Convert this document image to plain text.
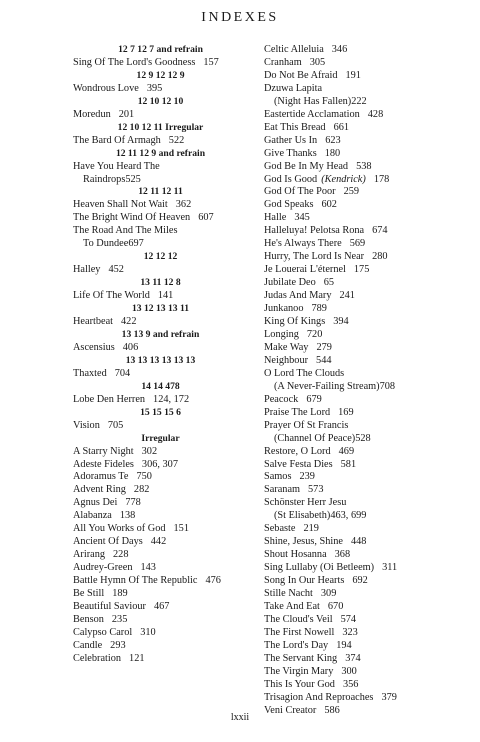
INDEXES
12 7 12 7 and refrain
Sing Of The Lord's Goodness 157
12 9 12 12 9
Wondrous Love 395
12 10 12 10
Moredun 201
12 10 12 11 Irregular
The Bard Of Armagh 522
12 11 12 9 and refrain
Have You Heard The
Raindrops525
12 11 12 11
Heaven Shall Not Wait 362
The Bright Wind Of Heaven 607
The Road And The Miles
To Dundee697
12 12 12
Halley 452
13 11 12 8
Life Of The World 141
13 12 13 13 11
Heartbeat 422
13 13 9 and refrain
Ascensius 406
13 13 13 13 13 13
Thaxted 704
14 14 478
Lobe Den Herren 124, 172
15 15 15 6
Vision 705
Irregular
A Starry Night 302
Adeste Fideles 306, 307
Adoramus Te 750
Advent Ring 282
Agnus Dei 778
Alabanza 138
All You Works of God 151
Ancient Of Days 442
Arirang 228
Audrey-Green 143
Battle Hymn Of The Republic 476
Be Still 189
Beautiful Saviour 467
Benson 235
Calypso Carol 310
Candle 293
Celebration 121
Celtic Alleluia 346
Cranham 305
Do Not Be Afraid 191
Dzuwa Lapita
(Night Has Fallen)222
Eastertide Acclamation 428
Eat This Bread 661
Gather Us In 623
Give Thanks 180
God Be In My Head 538
God Is Good (Kendrick) 178
God Of The Poor 259
God Speaks 602
Halle 345
Halleluya! Pelotsa Rona 674
He's Always There 569
Hurry, The Lord Is Near 280
Je Louerai L'éternel 175
Jubilate Deo 65
Judas And Mary 241
Junkanoo 789
King Of Kings 394
Longing 720
Make Way 279
Neighbour 544
O Lord The Clouds
(A Never-Failing Stream)708
Peacock 679
Praise The Lord 169
Prayer Of St Francis
(Channel Of Peace)528
Restore, O Lord 469
Salve Festa Dies 581
Samos 239
Saranam 573
Schönster Herr Jesu
(St Elisabeth)463, 699
Sebaste 219
Shine, Jesus, Shine 448
Shout Hosanna 368
Sing Lullaby (Oi Betleem) 311
Song In Our Hearts 692
Stille Nacht 309
Take And Eat 670
The Cloud's Veil 574
The First Nowell 323
The Lord's Day 194
The Servant King 374
The Virgin Mary 300
This Is Your God 356
Trisagion And Reproaches 379
Veni Creator 586
lxxii
